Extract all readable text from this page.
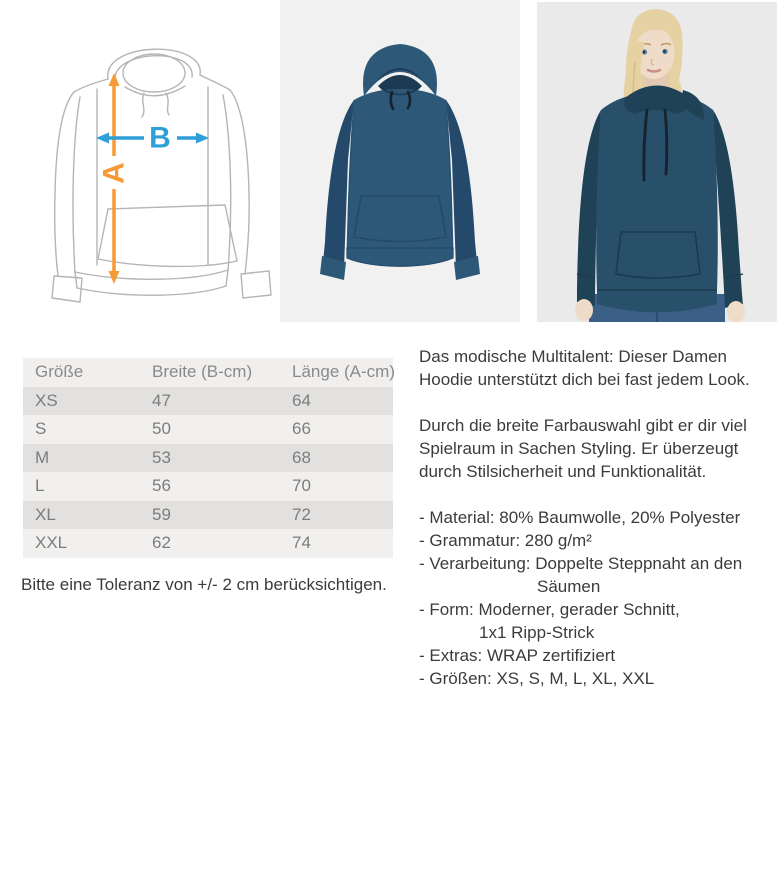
A
B
Größe	Breite (B-cm)	Länge (A-cm)
XS	47	64
S	50	66
M	53	68
L	56	70
XL	59	72
XXL	62	74
Bitte eine Toleranz von +/- 2 cm berücksichtigen.
Das modische Multitalent: Dieser Damen
Hoodie unterstützt dich bei fast jedem Look.

Durch die breite Farbauswahl gibt er dir viel
Spielraum in Sachen Styling. Er überzeugt
durch Stilsicherheit und Funktionalität.

- Material: 80% Baumwolle, 20% Polyester
- Grammatur: 280 g/m²
- Verarbeitung: Doppelte Steppnaht an den
Säumen
- Form: Moderner, gerader Schnitt,
1x1 Ripp-Strick
- Extras: WRAP zertifiziert
- Größen: XS, S, M, L, XL, XXL
